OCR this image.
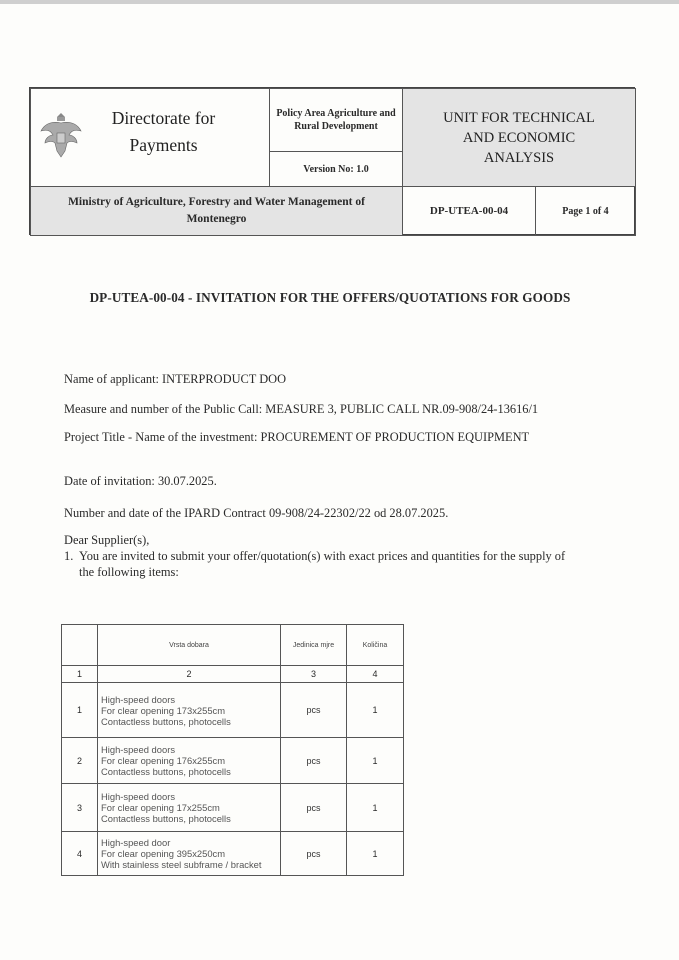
Directorate for Payments
Policy Area Agriculture and Rural Development
Version No: 1.0
UNIT FOR TECHNICAL AND ECONOMIC ANALYSIS
Ministry of Agriculture, Forestry and Water Management of Montenegro
DP-UTEA-00-04	Page 1 of 4
DP-UTEA-00-04 - INVITATION FOR THE OFFERS/QUOTATIONS FOR GOODS
Name of applicant: INTERPRODUCT DOO
Measure and number of the Public Call: MEASURE 3, PUBLIC CALL NR.09-908/24-13616/1
Project Title - Name of the investment: PROCUREMENT OF PRODUCTION EQUIPMENT
Date of invitation: 30.07.2025.
Number and date of the IPARD Contract 09-908/24-22302/22 od 28.07.2025.
Dear Supplier(s),
1. You are invited to submit your offer/quotation(s) with exact prices and quantities for the supply of
the following items:
	Vrsta dobara	Jedinica mjre	Količina
1	2	3	4
1	High-speed doors
For clear opening 173x255cm
Contactless buttons, photocells	pcs	1
2	High-speed doors
For clear opening 176x255cm
Contactless buttons, photocells	pcs	1
3	High-speed doors
For clear opening 17x255cm
Contactless buttons, photocells	pcs	1
4	High-speed door
For clear opening 395x250cm
With stainless steel subframe / bracket	pcs	1
